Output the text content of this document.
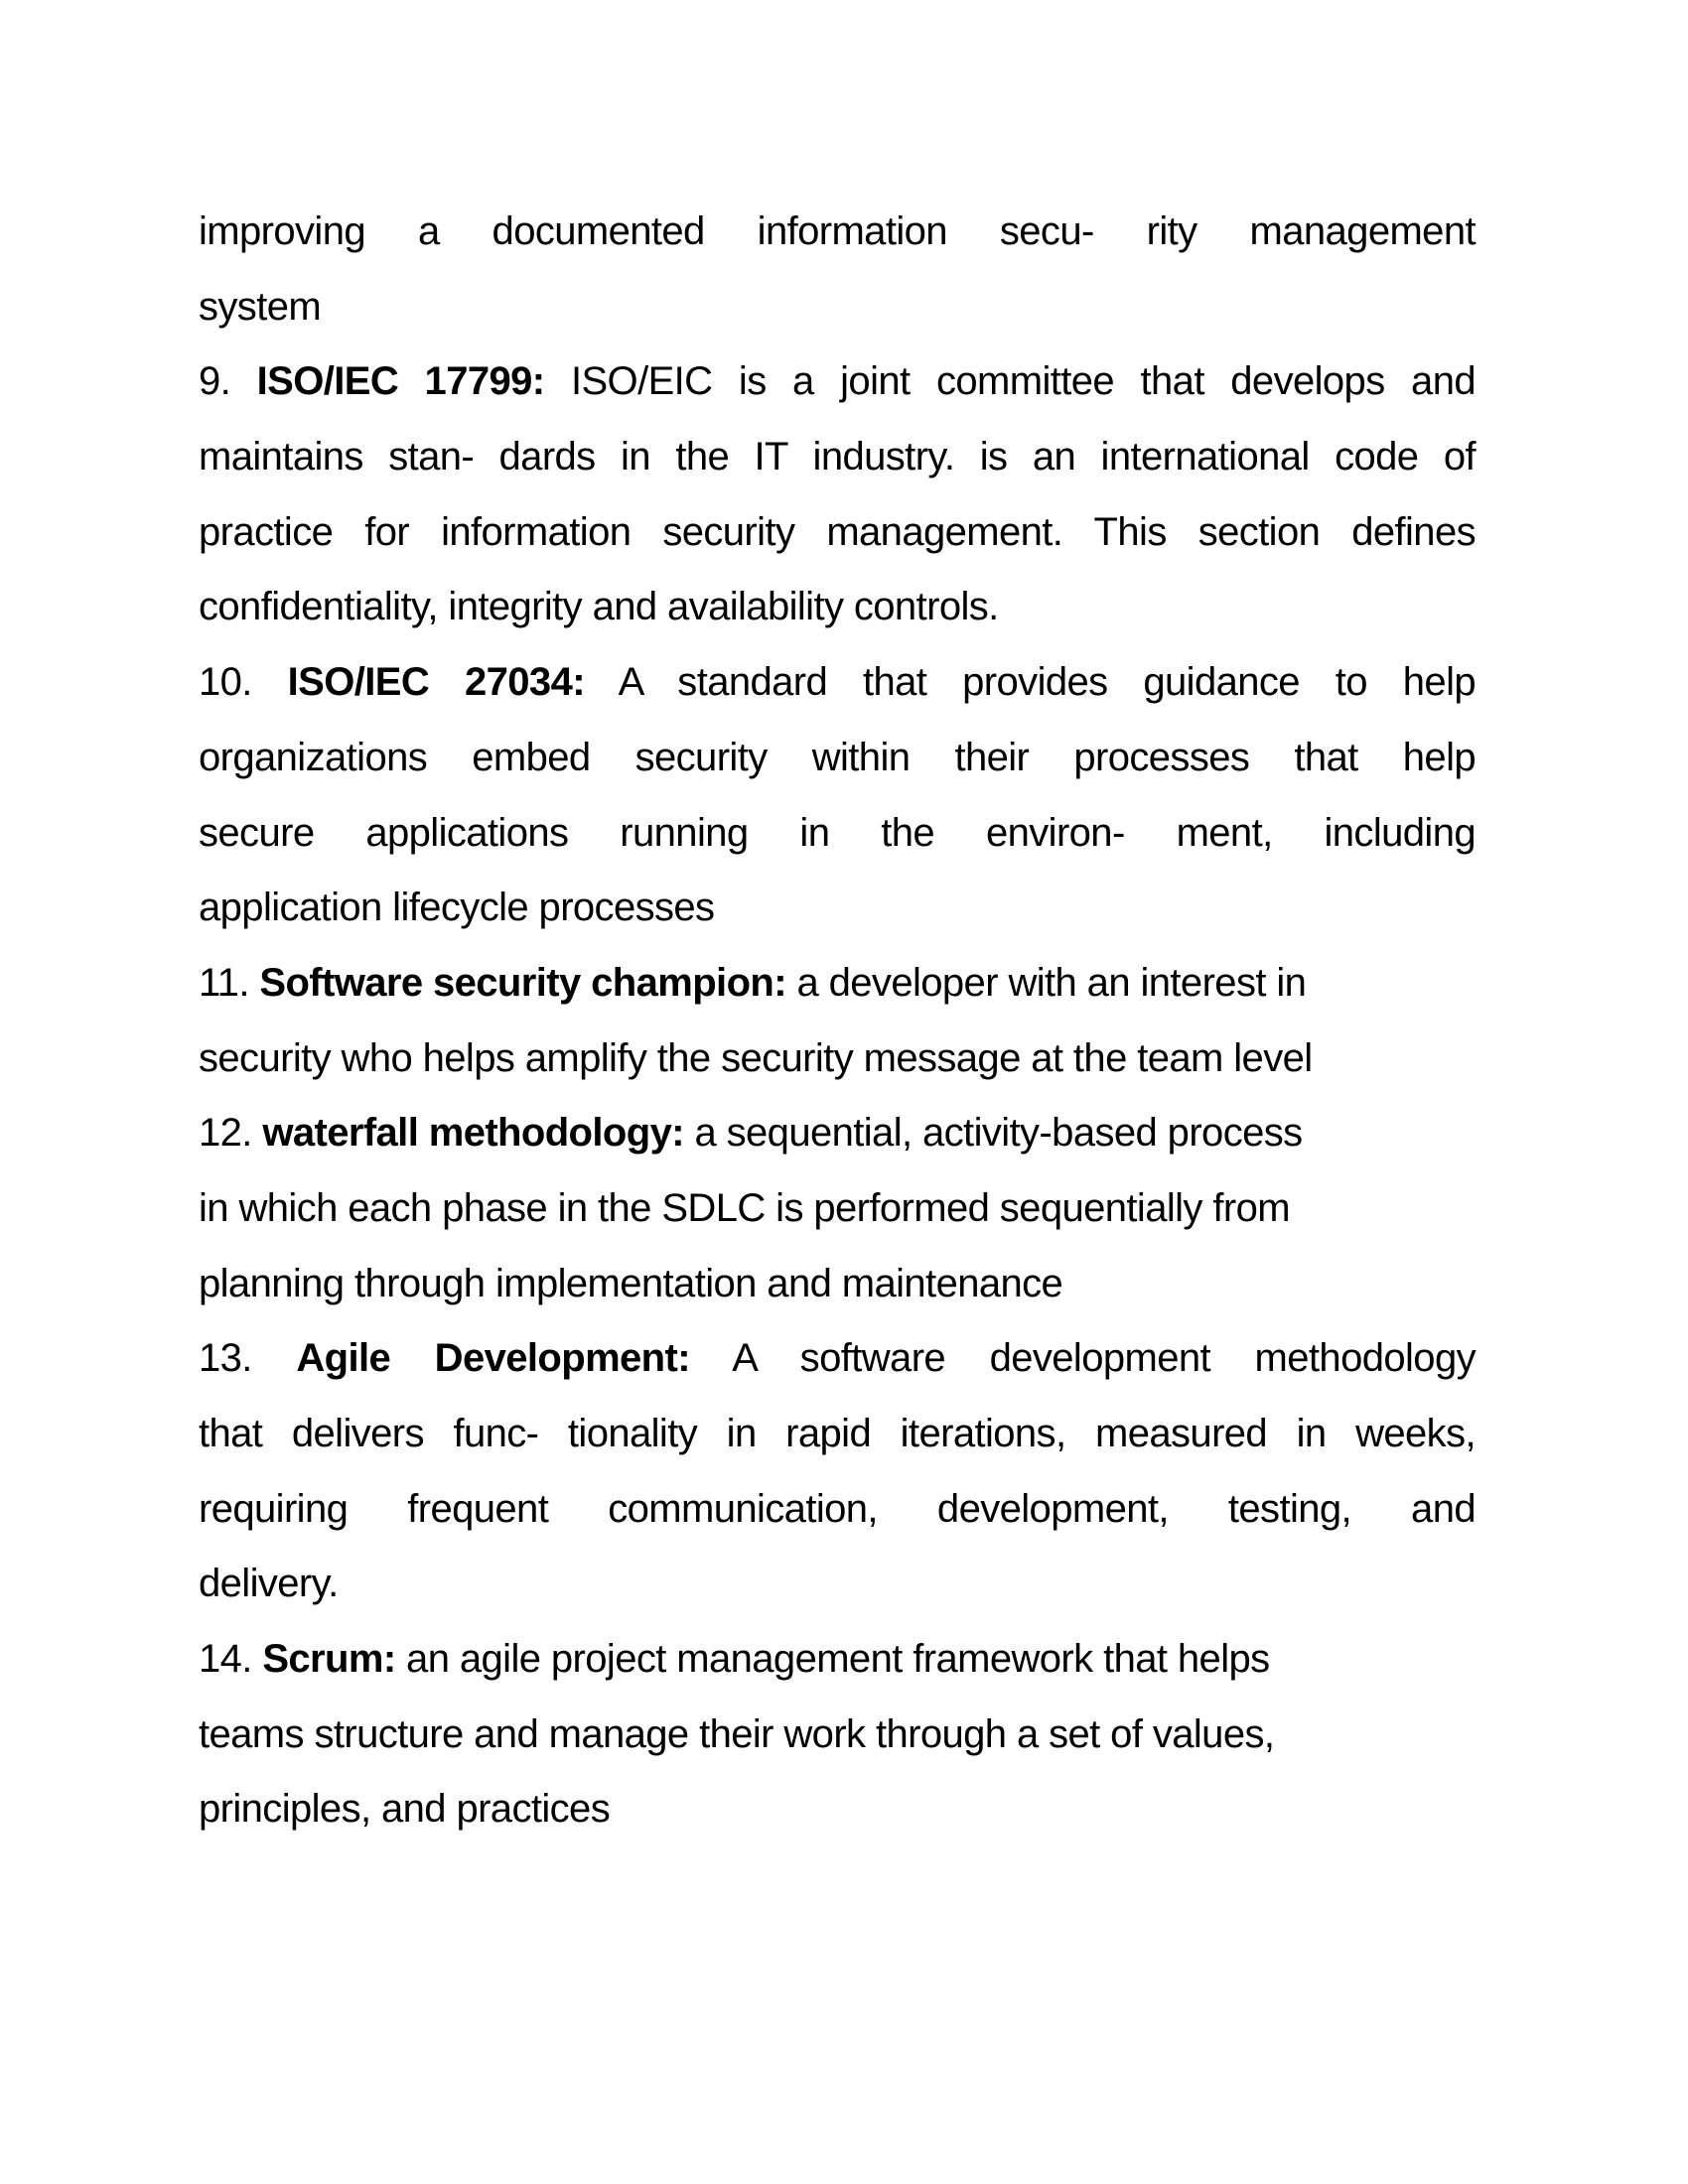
improving a documented information secu- rity management
system
9. ISO/IEC 17799: ISO/EIC is a joint committee that develops and
maintains stan- dards in the IT industry. is an international code of
practice for information security management. This section defines
confidentiality, integrity and availability controls.
10. ISO/IEC 27034: A standard that provides guidance to help
organizations embed security within their processes that help
secure applications running in the environ- ment, including
application lifecycle processes
11. Software security champion: a developer with an interest in
security who helps amplify the security message at the team level
12. waterfall methodology: a sequential, activity-based process
in which each phase in the SDLC is performed sequentially from
planning through implementation and maintenance
13. Agile Development: A software development methodology
that delivers func- tionality in rapid iterations, measured in weeks,
requiring frequent communication, development, testing, and
delivery.
14. Scrum: an agile project management framework that helps
teams structure and manage their work through a set of values,
principles, and practices
